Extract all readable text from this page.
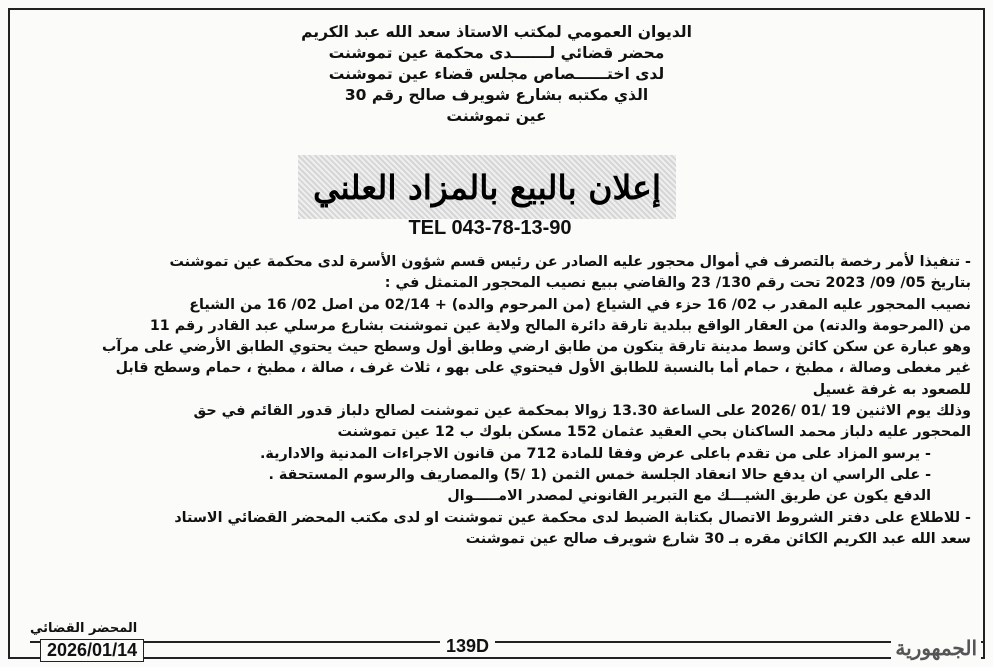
الديوان العمومي لمكتب الاستاذ سعد الله عبد الكريم
محضر قضائي لـــــــدى محكمة عين تموشنت
لدى اختــــــصاص مجلس قضاء عين تموشنت
الذي مكتبه بشارع شويرف صالح رقم 30
عين تموشنت
إعلان بالبيع بالمزاد العلني
TEL 043-78-13-90
- تنفيذا لأمر رخصة بالتصرف في أموال محجور عليه الصادر عن رئيس قسم شؤون الأسرة لدى محكمة عين تموشنت
بتاريخ 05/ 09/ 2023 تحت رقم 130/ 23 والقاضي ببيع نصيب المحجور المتمثل في :
نصيب المحجور عليه المقدر ب 02/ 16 حزء في الشياع (من المرحوم والده) + 02/14 من اصل 02/ 16 من الشياع
من (المرحومة والدته) من العقار الواقع ببلدية تارقة دائرة المالح ولاية عين تموشنت بشارع مرسلي عبد القادر رقم 11
وهو عبارة عن سكن كائن وسط مدينة تارقة يتكون من طابق ارضي وطابق أول وسطح حيث يحتوي الطابق الأرضي على مرآب
غير مغطى وصالة ، مطبخ ، حمام أما بالنسبة للطابق الأول فيحتوي على بهو ، ثلاث غرف ، صالة ، مطبخ ، حمام وسطح قابل
للصعود به غرفة غسيل
وذلك يوم الاثنين 19 /01 /2026 على الساعة 13.30 زوالا بمحكمة عين تموشنت لصالح دلباز قدور القائم في حق
المحجور عليه دلباز محمد الساكنان بحي العقيد عثمان 152 مسكن بلوك ب 12 عين تموشنت
- يرسو المزاد على من تقدم باعلى عرض وفقا للمادة 712 من قانون الاجراءات المدنية والادارية.
- على الراسي ان يدفع حالا انعقاد الجلسة خمس الثمن (1 /5) والمصاريف والرسوم المستحقة .
الدفع يكون عن طريق الشيـــك مع التبرير القانوني لمصدر الامـــــوال
- للاطلاع على دفتر الشروط الاتصال بكتابة الضبط لدى محكمة عين تموشنت او لدى مكتب المحضر القضائي الاستاد
سعد الله عبد الكريم الكائن مقره بـ 30 شارع شويرف صالح عين تموشنت
المحضر القضائي
2026/01/14	139D	الجمهورية
